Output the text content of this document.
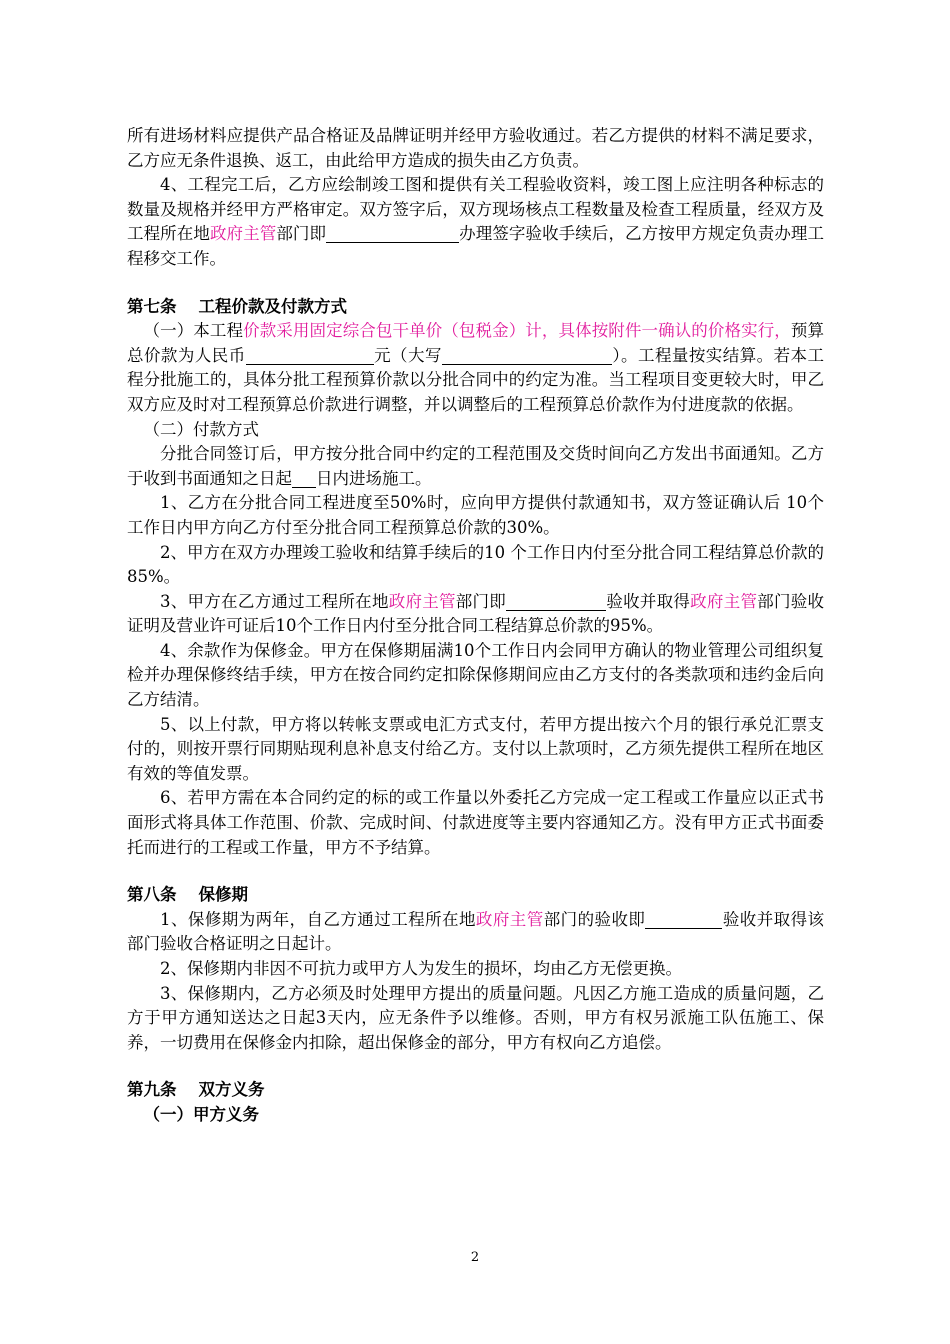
所有进场材料应提供产品合格证及品牌证明并经甲方验收通过。若乙方提供的材料不满足要求，乙方应无条件退换、返工，由此给甲方造成的损失由乙方负责。

4、工程完工后，乙方应绘制竣工图和提供有关工程验收资料，竣工图上应注明各种标志的数量及规格并经甲方严格审定。双方签字后，双方现场核点工程数量及检查工程质量，经双方及工程所在地政府主管部门即	办理签字验收手续后，乙方按甲方规定负责办理工程移交工作。

第七条 工程价款及付款方式

（一）本工程价款采用固定综合包干单价（包税金）计，具体按附件一确认的价格实行，预算总价款为人民币	元（大写	）。工程量按实结算。若本工程分批施工的，具体分批工程预算价款以分批合同中的约定为准。当工程项目变更较大时，甲乙双方应及时对工程预算总价款进行调整，并以调整后的工程预算总价款作为付进度款的依据。

（二）付款方式

分批合同签订后，甲方按分批合同中约定的工程范围及交货时间向乙方发出书面通知。乙方于收到书面通知之日起 日内进场施工。

1、乙方在分批合同工程进度至50%时，应向甲方提供付款通知书，双方签证确认后 10个工作日内甲方向乙方付至分批合同工程预算总价款的30%。

2、甲方在双方办理竣工验收和结算手续后的10 个工作日内付至分批合同工程结算总价款的85%。

3、甲方在乙方通过工程所在地政府主管部门即	验收并取得政府主管部门验收证明及营业许可证后10个工作日内付至分批合同工程结算总价款的95%。

4、余款作为保修金。甲方在保修期届满10个工作日内会同甲方确认的物业管理公司组织复检并办理保修终结手续，甲方在按合同约定扣除保修期间应由乙方支付的各类款项和违约金后向乙方结清。

5、以上付款，甲方将以转帐支票或电汇方式支付，若甲方提出按六个月的银行承兑汇票支付的，则按开票行同期贴现利息补息支付给乙方。支付以上款项时，乙方须先提供工程所在地区有效的等值发票。

6、若甲方需在本合同约定的标的或工作量以外委托乙方完成一定工程或工作量应以正式书面形式将具体工作范围、价款、完成时间、付款进度等主要内容通知乙方。没有甲方正式书面委托而进行的工程或工作量，甲方不予结算。

第八条 保修期

1、保修期为两年，自乙方通过工程所在地政府主管部门的验收即	验收并取得该部门验收合格证明之日起计。

2、保修期内非因不可抗力或甲方人为发生的损坏，均由乙方无偿更换。

3、保修期内，乙方必须及时处理甲方提出的质量问题。凡因乙方施工造成的质量问题，乙方于甲方通知送达之日起3天内，应无条件予以维修。否则，甲方有权另派施工队伍施工、保养，一切费用在保修金内扣除，超出保修金的部分，甲方有权向乙方追偿。

第九条 双方义务

（一）甲方义务

2
